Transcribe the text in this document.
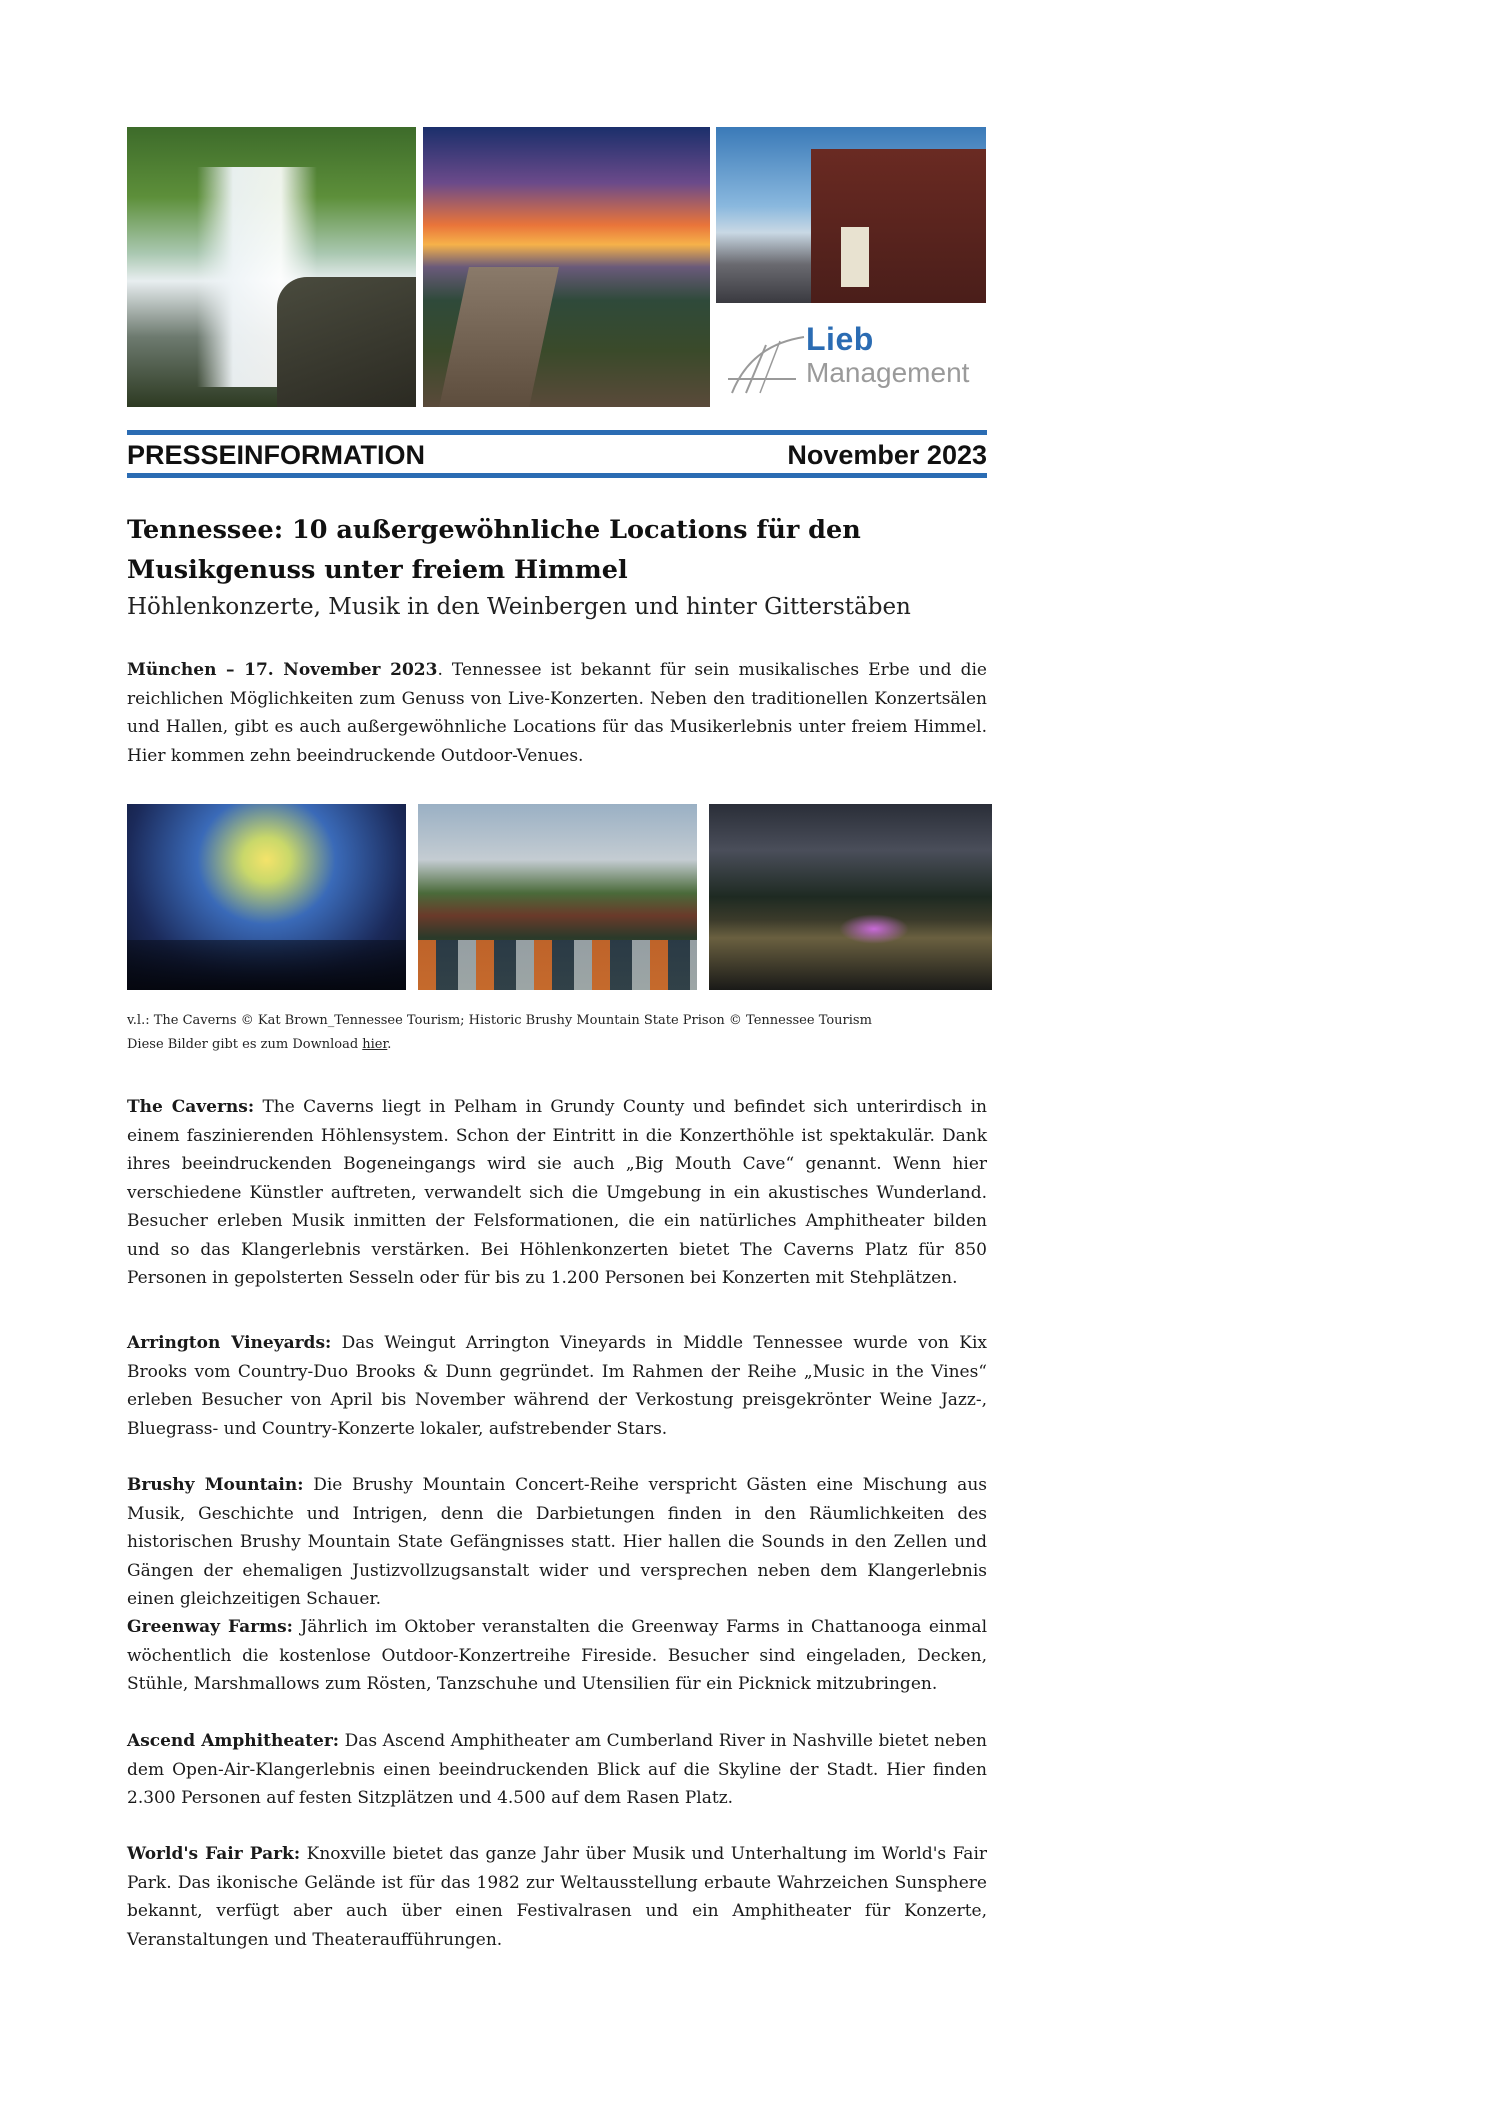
Lieb
Management
PRESSEINFORMATION	November 2023
Tennessee: 10 außergewöhnliche Locations für den Musikgenuss unter freiem Himmel
Höhlenkonzerte, Musik in den Weinbergen und hinter Gitterstäben
München – 17. November 2023. Tennessee ist bekannt für sein musikalisches Erbe und die reichlichen Möglichkeiten zum Genuss von Live-Konzerten. Neben den traditionellen Konzertsälen und Hallen, gibt es auch außergewöhnliche Locations für das Musikerlebnis unter freiem Himmel. Hier kommen zehn beeindruckende Outdoor-Venues.
v.l.: The Caverns © Kat Brown_Tennessee Tourism; Historic Brushy Mountain State Prison © Tennessee Tourism
Diese Bilder gibt es zum Download hier.
The Caverns: The Caverns liegt in Pelham in Grundy County und befindet sich unterirdisch in einem faszinierenden Höhlensystem. Schon der Eintritt in die Konzerthöhle ist spektakulär. Dank ihres beeindruckenden Bogeneingangs wird sie auch „Big Mouth Cave“ genannt. Wenn hier verschiedene Künstler auftreten, verwandelt sich die Umgebung in ein akustisches Wunderland. Besucher erleben Musik inmitten der Felsformationen, die ein natürliches Amphitheater bilden und so das Klangerlebnis verstärken. Bei Höhlenkonzerten bietet The Caverns Platz für 850 Personen in gepolsterten Sesseln oder für bis zu 1.200 Personen bei Konzerten mit Stehplätzen.
Arrington Vineyards: Das Weingut Arrington Vineyards in Middle Tennessee wurde von Kix Brooks vom Country-Duo Brooks & Dunn gegründet. Im Rahmen der Reihe „Music in the Vines“ erleben Besucher von April bis November während der Verkostung preisgekrönter Weine Jazz-, Bluegrass- und Country-Konzerte lokaler, aufstrebender Stars.
Brushy Mountain: Die Brushy Mountain Concert-Reihe verspricht Gästen eine Mischung aus Musik, Geschichte und Intrigen, denn die Darbietungen finden in den Räumlichkeiten des historischen Brushy Mountain State Gefängnisses statt. Hier hallen die Sounds in den Zellen und Gängen der ehemaligen Justizvollzugsanstalt wider und versprechen neben dem Klangerlebnis einen gleichzeitigen Schauer.
Greenway Farms: Jährlich im Oktober veranstalten die Greenway Farms in Chattanooga einmal wöchentlich die kostenlose Outdoor-Konzertreihe Fireside. Besucher sind eingeladen, Decken, Stühle, Marshmallows zum Rösten, Tanzschuhe und Utensilien für ein Picknick mitzubringen.
Ascend Amphitheater: Das Ascend Amphitheater am Cumberland River in Nashville bietet neben dem Open-Air-Klangerlebnis einen beeindruckenden Blick auf die Skyline der Stadt. Hier finden 2.300 Personen auf festen Sitzplätzen und 4.500 auf dem Rasen Platz.
World's Fair Park: Knoxville bietet das ganze Jahr über Musik und Unterhaltung im World's Fair Park. Das ikonische Gelände ist für das 1982 zur Weltausstellung erbaute Wahrzeichen Sunsphere bekannt, verfügt aber auch über einen Festivalrasen und ein Amphitheater für Konzerte, Veranstaltungen und Theateraufführungen.
